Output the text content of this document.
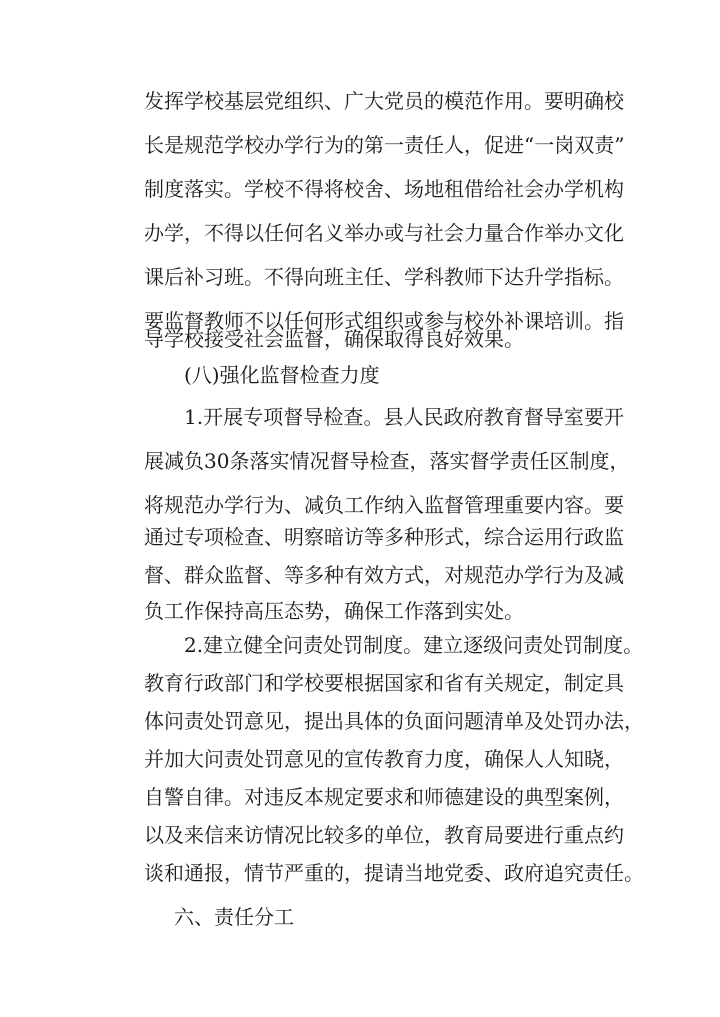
发挥学校基层党组织、广大党员的模范作用。要明确校
长是规范学校办学行为的第一责任人，促进“一岗双责”
制度落实。学校不得将校舍、场地租借给社会办学机构
办学，不得以任何名义举办或与社会力量合作举办文化
课后补习班。不得向班主任、学科教师下达升学指标。
要监督教师不以任何形式组织或参与校外补课培训。指
导学校接受社会监督，确保取得良好效果。
(八)强化监督检查力度
1.开展专项督导检查。县人民政府教育督导室要开
展减负30条落实情况督导检查，落实督学责任区制度，
将规范办学行为、减负工作纳入监督管理重要内容。要
通过专项检查、明察暗访等多种形式，综合运用行政监
督、群众监督、等多种有效方式，对规范办学行为及减
负工作保持高压态势，确保工作落到实处。
2.建立健全问责处罚制度。建立逐级问责处罚制度。
教育行政部门和学校要根据国家和省有关规定，制定具
体问责处罚意见，提出具体的负面问题清单及处罚办法，
并加大问责处罚意见的宣传教育力度，确保人人知晓，
自警自律。对违反本规定要求和师德建设的典型案例，
以及来信来访情况比较多的单位，教育局要进行重点约
谈和通报，情节严重的，提请当地党委、政府追究责任。
六、责任分工
